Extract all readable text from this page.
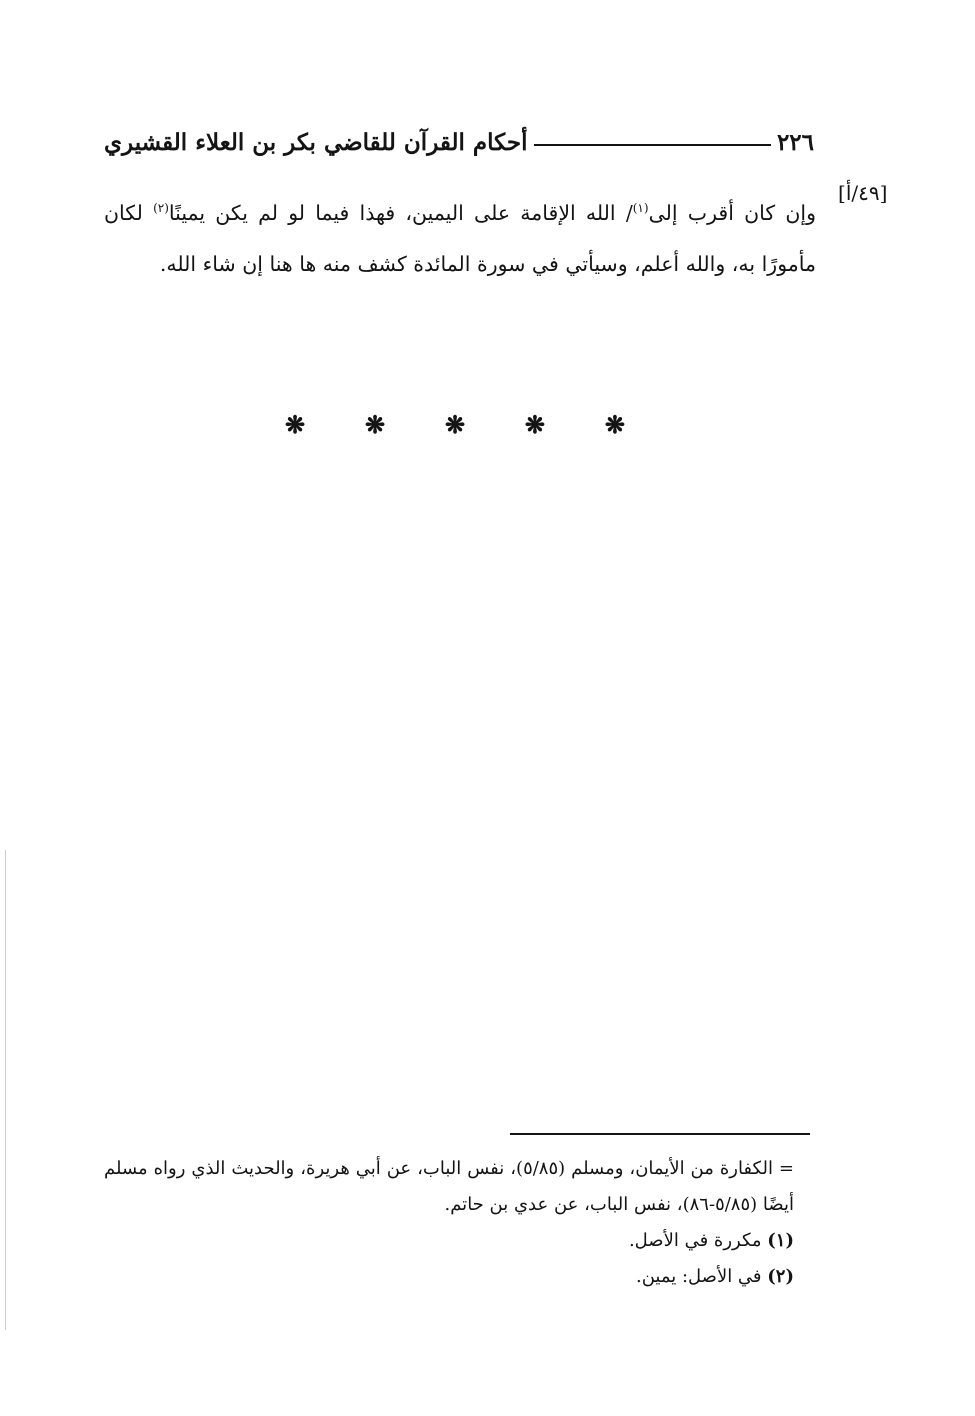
٢٢٦
أحكام القرآن للقاضي بكر بن العلاء القشيري
[٤٩/أ]
وإن كان أقرب إلى$^{(١)}$/ الله الإقامة على اليمين، فهذا فيما لو لم يكن يمينًا$^{(٢)}$ لكان مأمورًا به، والله أعلم، وسيأتي في سورة المائدة كشف منه ها هنا إن شاء الله.
❋ ❋ ❋ ❋ ❋

= الكفارة من الأيمان، ومسلم (٥/٨٥)، نفس الباب، عن أبي هريرة، والحديث الذي رواه مسلم أيضًا (٥/٨٥-٨٦)، نفس الباب، عن عدي بن حاتم.

(١) مكررة في الأصل.

(٢) في الأصل: يمين.
